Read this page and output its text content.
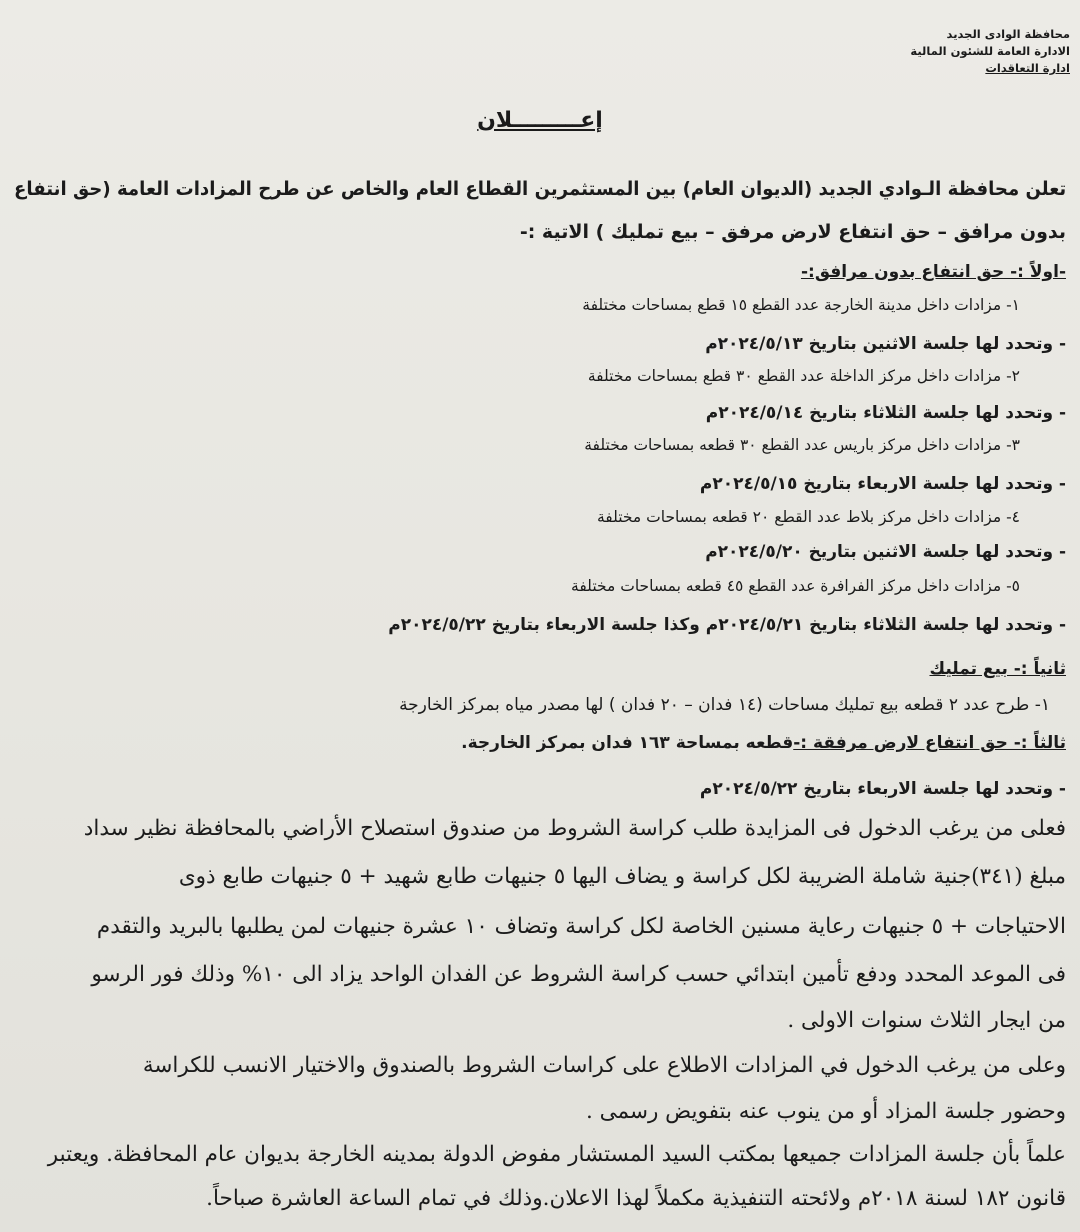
محافظة الوادى الجديد
الادارة العامة للشئون المالية
ادارة التعاقدات
إعـــــــــلان
تعلن محافظة الـوادي الجديد (الديوان العام) بين المستثمرين القطاع العام والخاص عن طرح المزادات العامة (حق انتفاع
بدون مرافق – حق انتفاع لارض مرفق – بيع تمليك ) الاتية :-
-اولاً :- حق انتفاع بدون مرافق:-
١- مزادات داخل مدينة الخارجة عدد القطع ١٥ قطع بمساحات مختلفة
- وتحدد لها جلسة الاثنين بتاريخ ٢٠٢٤/٥/١٣م
٢- مزادات داخل مركز الداخلة عدد القطع ٣٠ قطع بمساحات مختلفة
- وتحدد لها جلسة الثلاثاء بتاريخ ٢٠٢٤/٥/١٤م
٣- مزادات داخل مركز باريس عدد القطع ٣٠ قطعه بمساحات مختلفة
- وتحدد لها جلسة الاربعاء بتاريخ ٢٠٢٤/٥/١٥م
٤- مزادات داخل مركز بلاط عدد القطع ٢٠ قطعه بمساحات مختلفة
- وتحدد لها جلسة الاثنين بتاريخ ٢٠٢٤/٥/٢٠م
٥- مزادات داخل مركز الفرافرة عدد القطع ٤٥ قطعه بمساحات مختلفة
- وتحدد لها جلسة الثلاثاء بتاريخ ٢٠٢٤/٥/٢١م وكذا جلسة الاربعاء بتاريخ ٢٠٢٤/٥/٢٢م
ثانياً :- بيع تمليك
١- طرح عدد ٢ قطعه بيع تمليك مساحات (١٤ فدان – ٢٠ فدان ) لها مصدر مياه بمركز الخارجة
ثالثاً :- حق انتفاع لارض مرفقة :-قطعه بمساحة ١٦٣ فدان بمركز الخارجة.
- وتحدد لها جلسة الاربعاء بتاريخ ٢٠٢٤/٥/٢٢م
فعلى من يرغب الدخول فى المزايدة طلب كراسة الشروط من صندوق استصلاح الأراضي بالمحافظة نظير سداد
مبلغ (٣٤١)جنية شاملة الضريبة لكل كراسة و يضاف اليها ٥ جنيهات طابع شهيد + ٥ جنيهات طابع ذوى
الاحتياجات + ٥ جنيهات رعاية مسنين الخاصة لكل كراسة وتضاف ١٠ عشرة جنيهات لمن يطلبها بالبريد والتقدم
فى الموعد المحدد ودفع تأمين ابتدائي حسب كراسة الشروط عن الفدان الواحد يزاد الى ١٠% وذلك فور الرسو
من ايجار الثلاث سنوات الاولى .
وعلى من يرغب الدخول في المزادات الاطلاع على كراسات الشروط بالصندوق والاختيار الانسب للكراسة
وحضور جلسة المزاد أو من ينوب عنه بتفويض رسمى .
علماً بأن جلسة المزادات جميعها بمكتب السيد المستشار مفوض الدولة بمدينه الخارجة بديوان عام المحافظة. ويعتبر
قانون ١٨٢ لسنة ٢٠١٨م ولائحته التنفيذية مكملاً لهذا الاعلان.وذلك في تمام الساعة العاشرة صباحاً.
